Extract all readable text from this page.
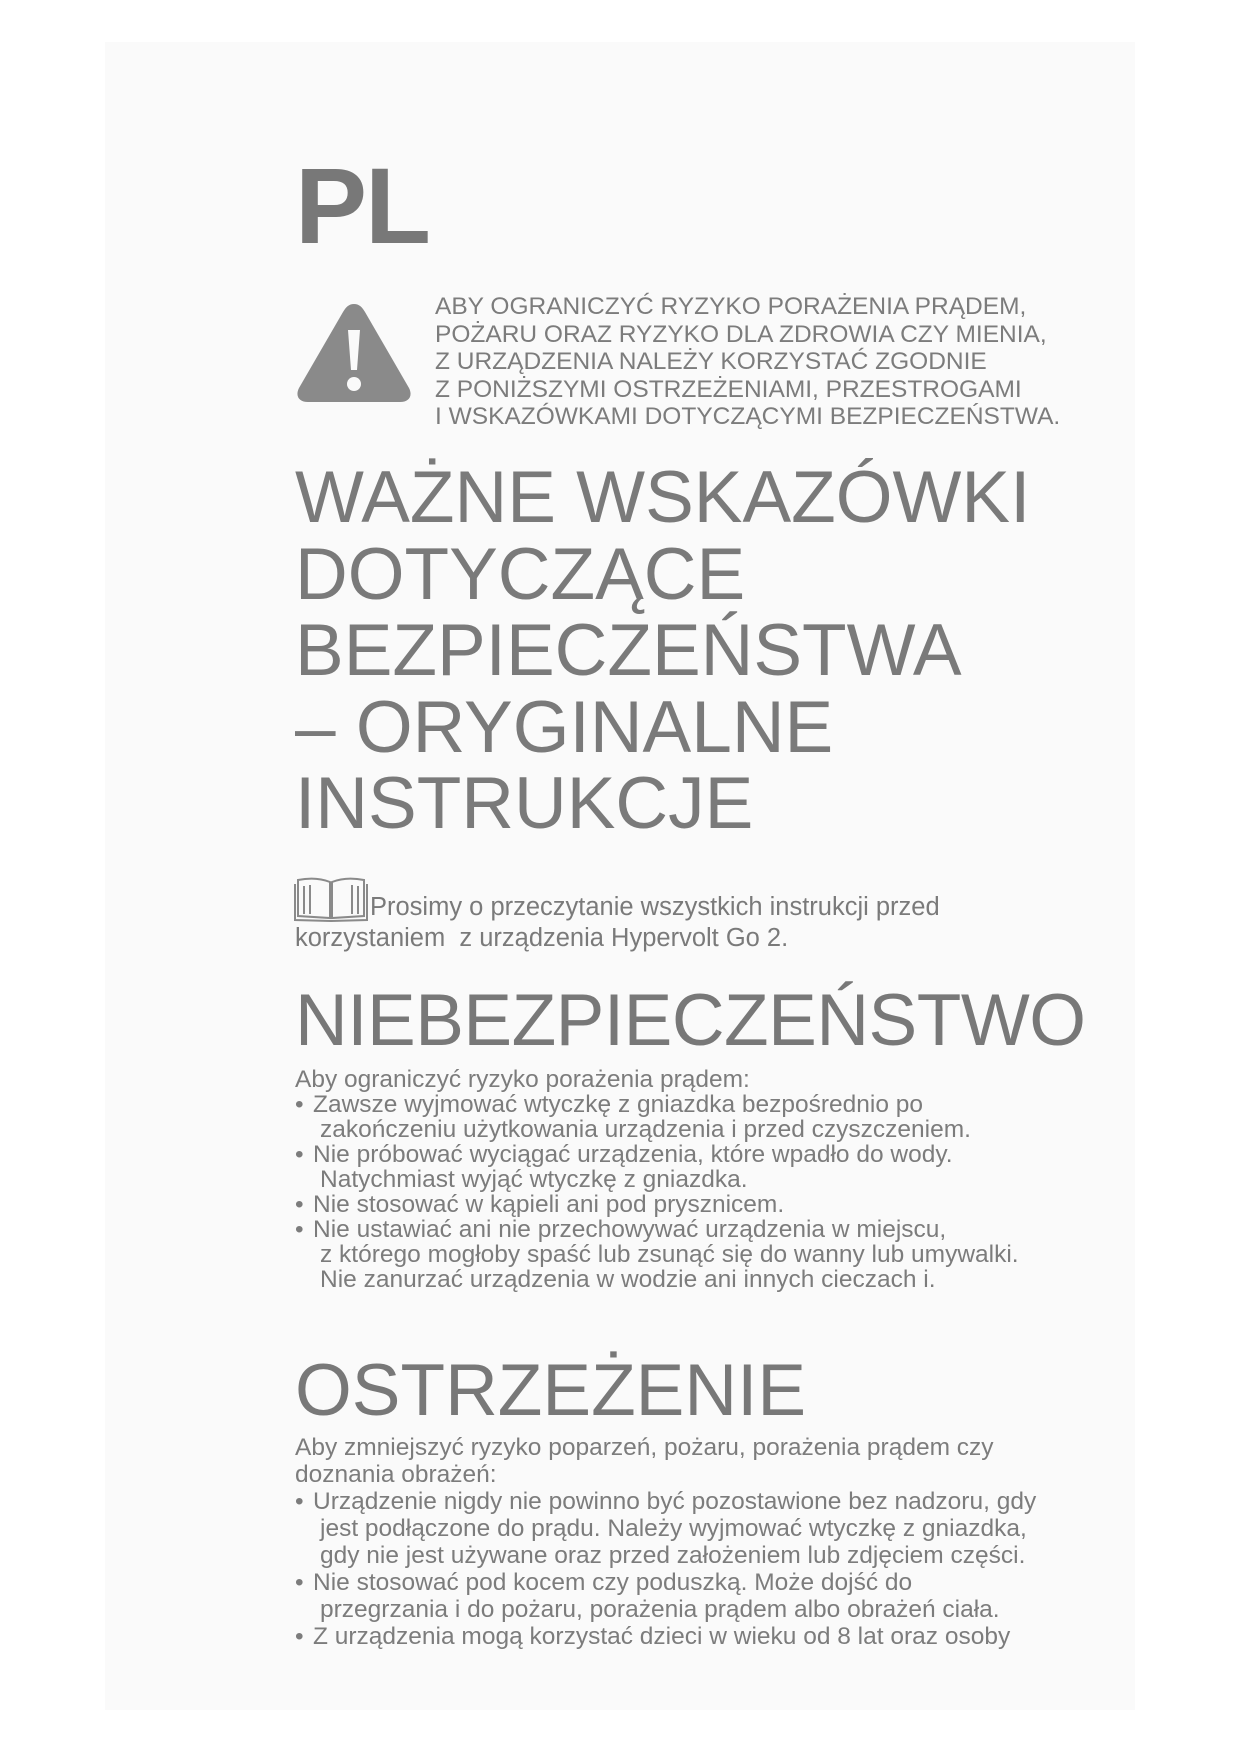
PL
ABY OGRANICZYĆ RYZYKO PORAŻENIA PRĄDEM,
POŻARU ORAZ RYZYKO DLA ZDROWIA CZY MIENIA,
Z URZĄDZENIA NALEŻY KORZYSTAĆ ZGODNIE
Z PONIŻSZYMI OSTRZEŻENIAMI, PRZESTROGAMI
I WSKAZÓWKAMI DOTYCZĄCYMI BEZPIECZEŃSTWA.
WAŻNE WSKAZÓWKI
DOTYCZĄCE
BEZPIECZEŃSTWA
– ORYGINALNE
INSTRUKCJE
Prosimy o przeczytanie wszystkich instrukcji przed
korzystaniem  z urządzenia Hypervolt Go 2.
NIEBEZPIECZEŃSTWO
Aby ograniczyć ryzyko porażenia prądem:
• Zawsze wyjmować wtyczkę z gniazdka bezpośrednio po
zakończeniu użytkowania urządzenia i przed czyszczeniem.
• Nie próbować wyciągać urządzenia, które wpadło do wody.
Natychmiast wyjąć wtyczkę z gniazdka.
• Nie stosować w kąpieli ani pod prysznicem.
• Nie ustawiać ani nie przechowywać urządzenia w miejscu,
z którego mogłoby spaść lub zsunąć się do wanny lub umywalki.
Nie zanurzać urządzenia w wodzie ani innych cieczach i.
OSTRZEŻENIE
Aby zmniejszyć ryzyko poparzeń, pożaru, porażenia prądem czy
doznania obrażeń:
• Urządzenie nigdy nie powinno być pozostawione bez nadzoru, gdy
jest podłączone do prądu. Należy wyjmować wtyczkę z gniazdka,
gdy nie jest używane oraz przed założeniem lub zdjęciem części.
• Nie stosować pod kocem czy poduszką. Może dojść do
przegrzania i do pożaru, porażenia prądem albo obrażeń ciała.
• Z urządzenia mogą korzystać dzieci w wieku od 8 lat oraz osoby
